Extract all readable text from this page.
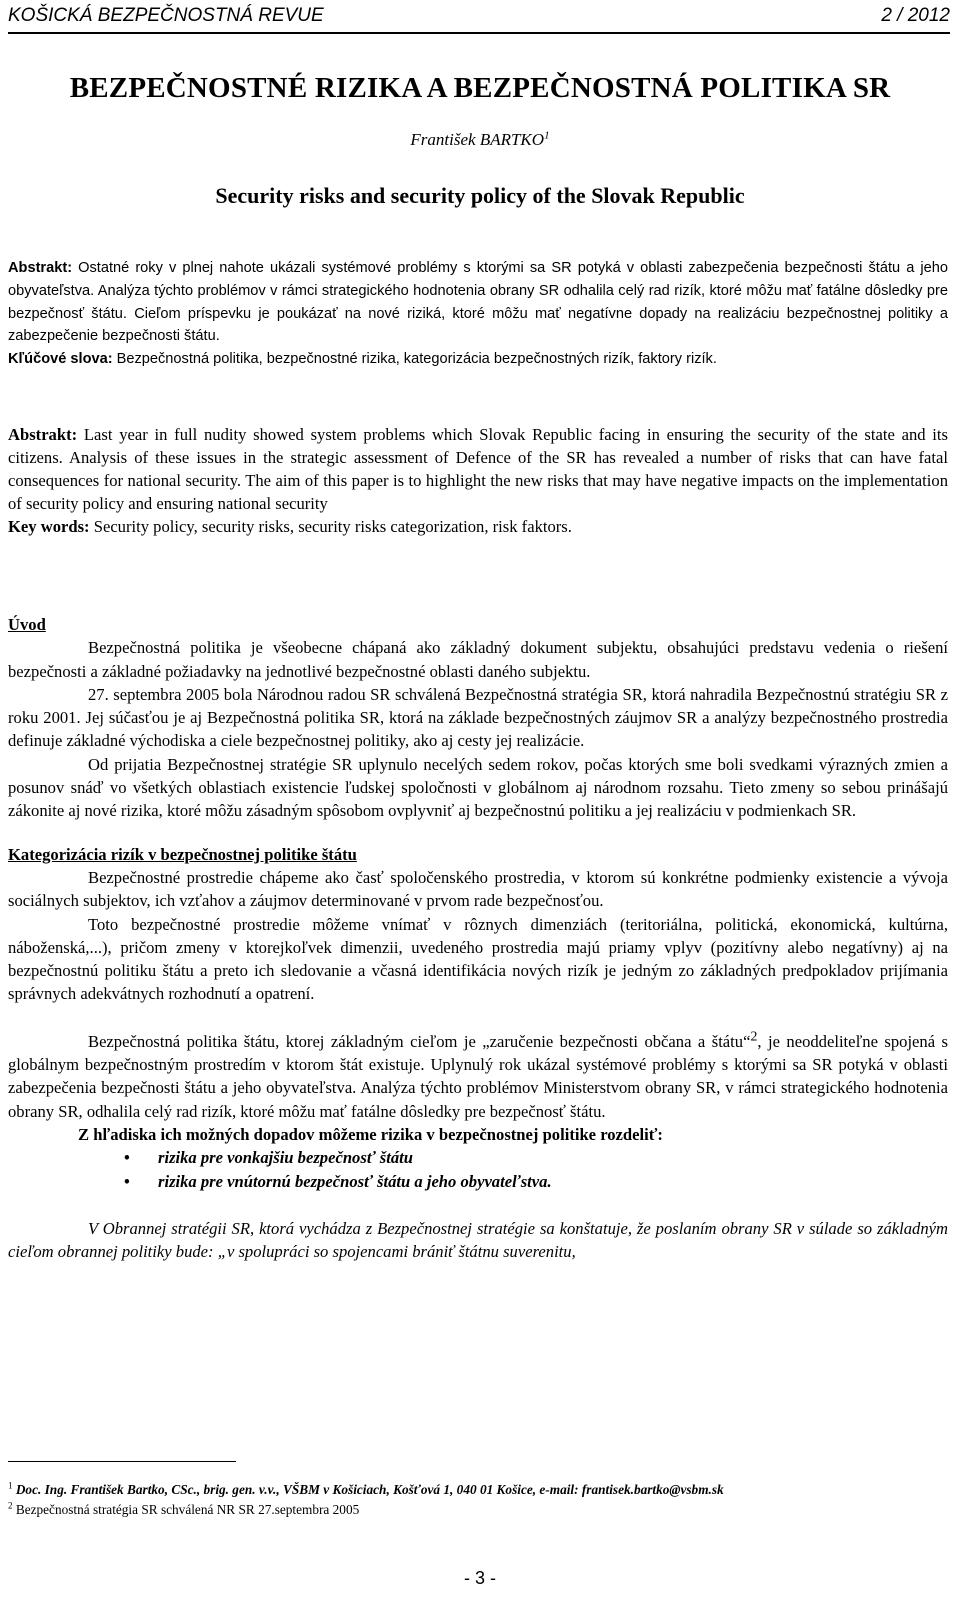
KOŠICKÁ BEZPEČNOSTNÁ REVUE	2 / 2012
BEZPEČNOSTNÉ RIZIKA A BEZPEČNOSTNÁ POLITIKA SR
František BARTKO$^1$
Security risks and security policy of the Slovak Republic

Abstrakt: Ostatné roky v plnej nahote ukázali systémové problémy s ktorými sa SR potyká v oblasti zabezpečenia bezpečnosti štátu a jeho obyvateľstva. Analýza týchto problémov v rámci strategického hodnotenia obrany SR odhalila celý rad rizík, ktoré môžu mať fatálne dôsledky pre bezpečnosť štátu. Cieľom príspevku je poukázať na nové riziká, ktoré môžu mať negatívne dopady na realizáciu bezpečnostnej politiky a zabezpečenie bezpečnosti štátu.

Kľúčové slova: Bezpečnostná politika, bezpečnostné rizika, kategorizácia bezpečnostných rizík, faktory rizík.

Abstrakt: Last year in full nudity showed system problems which Slovak Republic facing in ensuring the security of the state and its citizens. Analysis of these issues in the strategic assessment of Defence of the SR has revealed a number of risks that can have fatal consequences for national security. The aim of this paper is to highlight the new risks that may have negative impacts on the implementation of security policy and ensuring national security

Key words: Security policy, security risks, security risks categorization, risk faktors.

Úvod

Bezpečnostná politika je všeobecne chápaná ako základný dokument subjektu, obsahujúci predstavu vedenia o riešení bezpečnosti a základné požiadavky na jednotlivé bezpečnostné oblasti daného subjektu.

27. septembra 2005 bola Národnou radou SR schválená Bezpečnostná stratégia SR, ktorá nahradila Bezpečnostnú stratégiu SR z roku 2001. Jej súčasťou je aj Bezpečnostná politika SR, ktorá na základe bezpečnostných záujmov SR a analýzy bezpečnostného prostredia definuje základné východiska a ciele bezpečnostnej politiky, ako aj cesty jej realizácie.

Od prijatia Bezpečnostnej stratégie SR uplynulo necelých sedem rokov, počas ktorých sme boli svedkami výrazných zmien a posunov snáď vo všetkých oblastiach existencie ľudskej spoločnosti v globálnom aj národnom rozsahu. Tieto zmeny so sebou prinášajú zákonite aj nové rizika, ktoré môžu zásadným spôsobom ovplyvniť aj bezpečnostnú politiku a jej realizáciu v podmienkach SR.

Kategorizácia rizík v bezpečnostnej politike štátu

Bezpečnostné prostredie chápeme ako časť spoločenského prostredia, v ktorom sú konkrétne podmienky existencie a vývoja sociálnych subjektov, ich vzťahov a záujmov determinované v prvom rade bezpečnosťou.

Toto bezpečnostné prostredie môžeme vnímať v rôznych dimenziách (teritoriálna, politická, ekonomická, kultúrna, náboženská,...), pričom zmeny v ktorejkoľvek dimenzii, uvedeného prostredia majú priamy vplyv (pozitívny alebo negatívny) aj na bezpečnostnú politiku štátu a preto ich sledovanie a včasná identifikácia nových rizík je jedným zo základných predpokladov prijímania správnych adekvátnych rozhodnutí a opatrení.

Bezpečnostná politika štátu, ktorej základným cieľom je „zaručenie bezpečnosti občana a štátu“$^2$, je neoddeliteľne spojená s globálnym bezpečnostným prostredím v ktorom štát existuje. Uplynulý rok ukázal systémové problémy s ktorými sa SR potyká v oblasti zabezpečenia bezpečnosti štátu a jeho obyvateľstva. Analýza týchto problémov Ministerstvom obrany SR, v rámci strategického hodnotenia obrany SR, odhalila celý rad rizík, ktoré môžu mať fatálne dôsledky pre bezpečnosť štátu.

Z hľadiska ich možných dopadov môžeme rizika v bezpečnostnej politike rozdeliť:

• rizika pre vonkajšiu bezpečnosť štátu
• rizika pre vnútornú bezpečnosť štátu a jeho obyvateľstva.

V Obrannej stratégii SR, ktorá vychádza z Bezpečnostnej stratégie sa konštatuje, že poslaním obrany SR v súlade so základným cieľom obrannej politiky bude: „v spolupráci so spojencami brániť štátnu suverenitu,

$^1$ Doc. Ing. František Bartko, CSc., brig. gen. v.v., VŠBM v Košiciach, Košťová 1, 040 01 Košice, e-mail: frantisek.bartko@vsbm.sk

$^2$ Bezpečnostná stratégia SR schválená NR SR 27.septembra 2005

- 3 -
